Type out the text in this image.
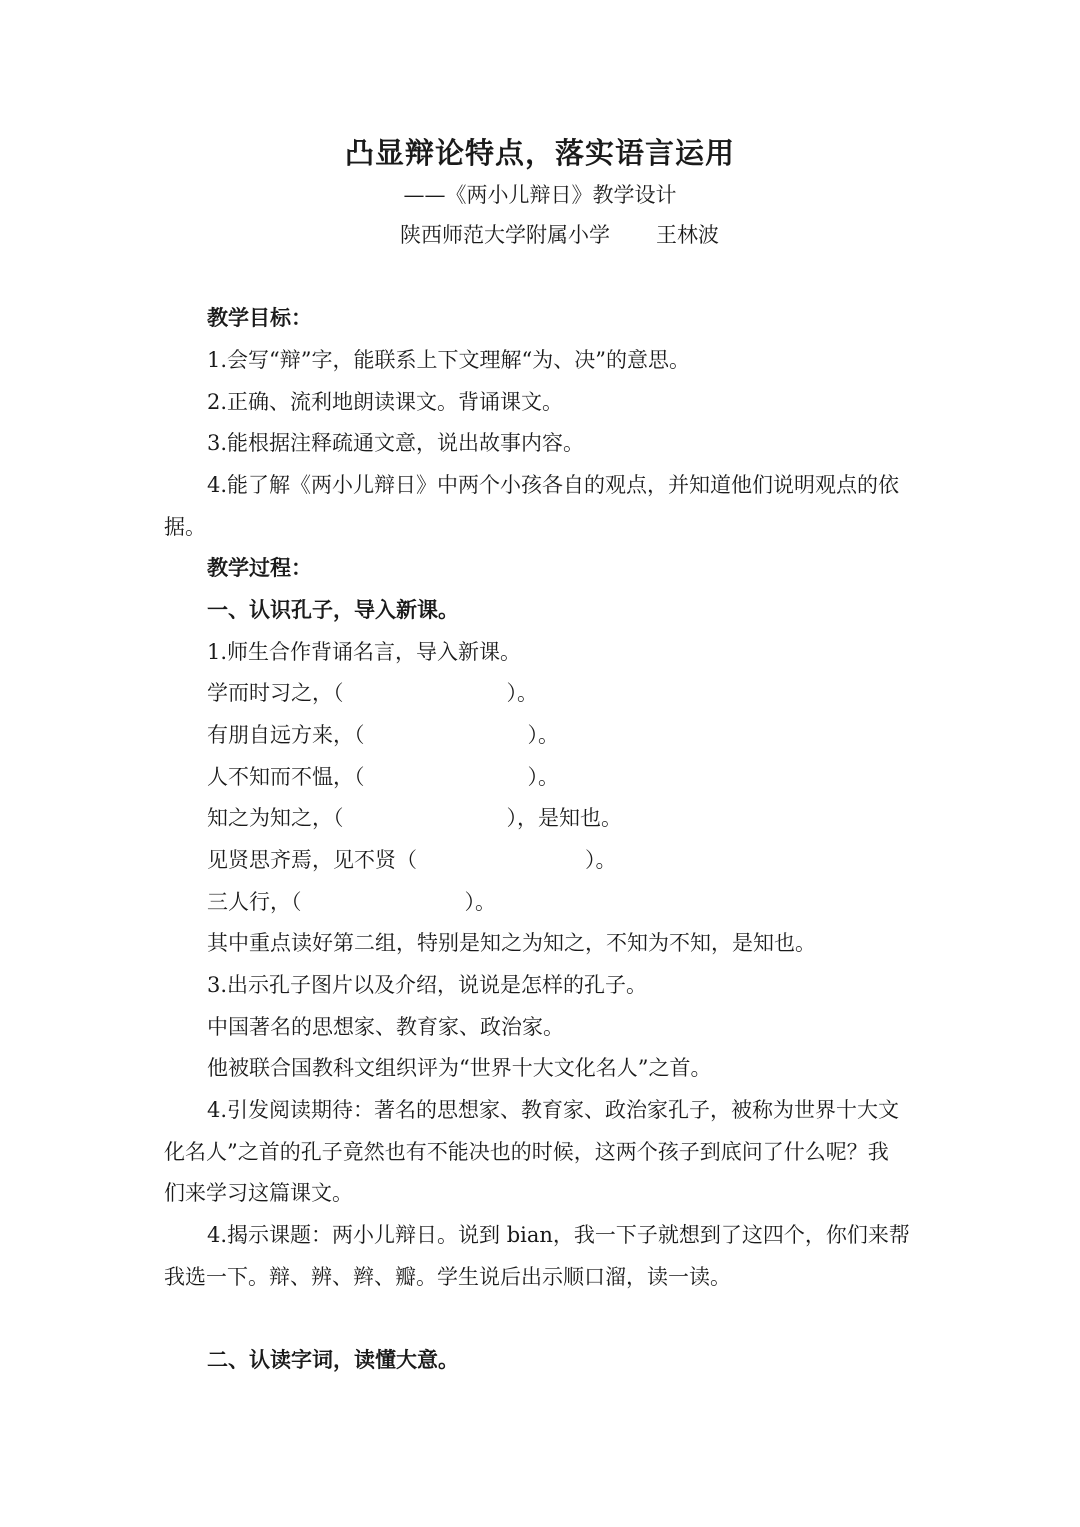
凸显辩论特点，落实语言运用
——《两小儿辩日》教学设计
陕西师范大学附属小学 王林波
教学目标：
1.会写“辩”字，能联系上下文理解“为、决”的意思。
2.正确、流利地朗读课文。背诵课文。
3.能根据注释疏通文意，说出故事内容。
4.能了解《两小儿辩日》中两个小孩各自的观点，并知道他们说明观点的依
据。
教学过程：
一、认识孔子，导入新课。
1.师生合作背诵名言，导入新课。
学而时习之，（	）。
有朋自远方来，（	）。
人不知而不愠，（	）。
知之为知之，（	），是知也。
见贤思齐焉，见不贤（	）。
三人行，（	）。
其中重点读好第二组，特别是知之为知之，不知为不知，是知也。
3.出示孔子图片以及介绍，说说是怎样的孔子。
中国著名的思想家、教育家、政治家。
他被联合国教科文组织评为“世界十大文化名人”之首。
4.引发阅读期待：著名的思想家、教育家、政治家孔子，被称为世界十大文
化名人”之首的孔子竟然也有不能决也的时候，这两个孩子到底问了什么呢？我
们来学习这篇课文。
4.揭示课题：两小儿辩日。说到 bian，我一下子就想到了这四个，你们来帮
我选一下。辩、辨、辫、瓣。学生说后出示顺口溜，读一读。
二、认读字词，读懂大意。
